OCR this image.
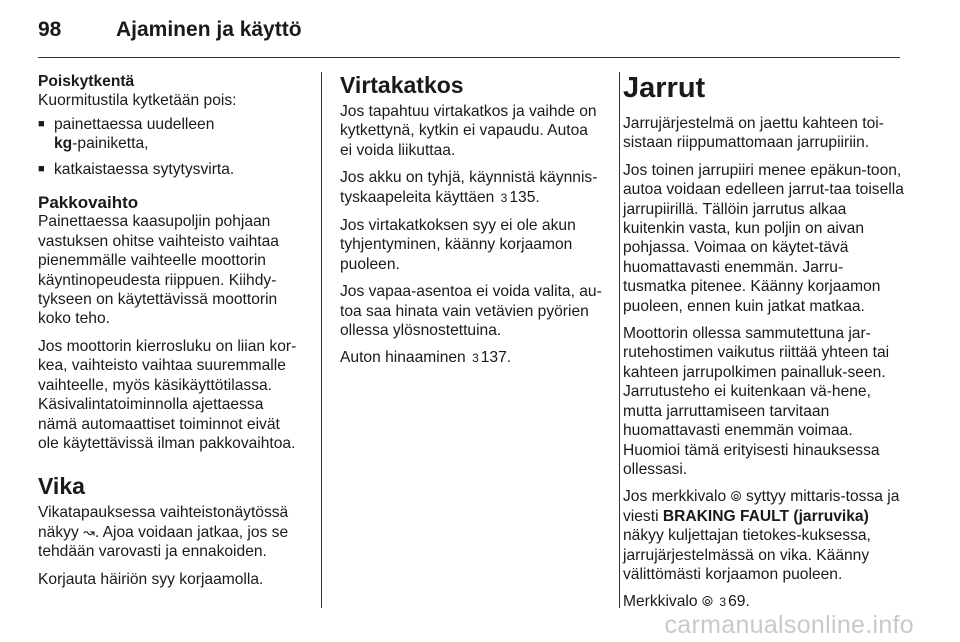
98	Ajaminen ja käyttö

Poiskytkentä

Kuormitustila kytketään pois:

■ painettaessa uudelleen
kg-painiketta,
■ katkaistaessa sytytysvirta.

Pakkovaihto

Painettaessa kaasupoljin pohjaan vastuksen ohitse vaihteisto vaihtaa pienemmälle vaihteelle moottorin käyntinopeudesta riippuen. Kiihdy-tykseen on käytettävissä moottorin koko teho.

Jos moottorin kierrosluku on liian kor-kea, vaihteisto vaihtaa suuremmalle vaihteelle, myös käsikäyttötilassa. Käsivalintatoiminnolla ajettaessa nämä automaattiset toiminnot eivät ole käytettävissä ilman pakkovaihtoa.

Vika

Vikatapauksessa vaihteistonäytössä näkyy ↝. Ajoa voidaan jatkaa, jos se tehdään varovasti ja ennakoiden.

Korjauta häiriön syy korjaamolla.

Virtakatkos

Jos tapahtuu virtakatkos ja vaihde on kytkettynä, kytkin ei vapaudu. Autoa ei voida liikuttaa.

Jos akku on tyhjä, käynnistä käynnis-tyskaapeleita käyttäen 3 135.

Jos virtakatkoksen syy ei ole akun tyhjentyminen, käänny korjaamon puoleen.

Jos vapaa-asentoa ei voida valita, au-toa saa hinata vain vetävien pyörien ollessa ylösnostettuina.

Auton hinaaminen 3 137.

Jarrut

Jarrujärjestelmä on jaettu kahteen toi-sistaan riippumattomaan jarrupiiriin.

Jos toinen jarrupiiri menee epäkun-toon, autoa voidaan edelleen jarrut-taa toisella jarrupiirillä. Tällöin jarrutus alkaa kuitenkin vasta, kun poljin on aivan pohjassa. Voimaa on käytet-tävä huomattavasti enemmän. Jarru-tusmatka pitenee. Käänny korjaamon puoleen, ennen kuin jatkat matkaa.

Moottorin ollessa sammutettuna jar-rutehostimen vaikutus riittää yhteen tai kahteen jarrupolkimen painalluk-seen. Jarrutusteho ei kuitenkaan vä-hene, mutta jarruttamiseen tarvitaan huomattavasti enemmän voimaa. Huomioi tämä erityisesti hinauksessa ollessasi.

Jos merkkivalo ⦾ syttyy mittaris-tossa ja viesti BRAKING FAULT (jarruvika) näkyy kuljettajan tietokes-kuksessa, jarrujärjestelmässä on vika. Käänny välittömästi korjaamon puoleen.

Merkkivalo ⦾ 3 69.

carmanualsonline.info
